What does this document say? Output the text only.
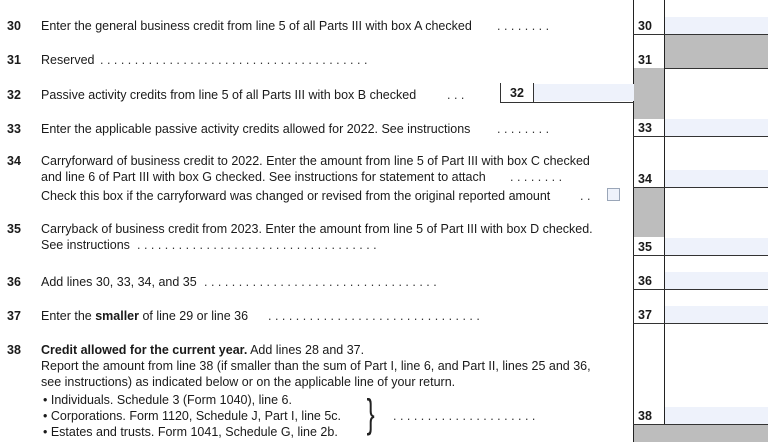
30
31
33
34
35
36
37
38
30 Enter the general business credit from line 5 of all Parts III with box A checked . . . . . . . .
31 Reserved . . . . . . . . . . . . . . . . . . . . . . . . . . . . . . . . . . . . . . .
32 Passive activity credits from line 5 of all Parts III with box B checked . . .	32
33 Enter the applicable passive activity credits allowed for 2022. See instructions . . . . . . . .
34 Carryforward of business credit to 2022. Enter the amount from line 5 of Part III with box C checked
and line 6 of Part III with box G checked. See instructions for statement to attach . . . . . . . .
Check this box if the carryforward was changed or revised from the original reported amount . .
35 Carryback of business credit from 2023. Enter the amount from line 5 of Part III with box D checked.
See instructions . . . . . . . . . . . . . . . . . . . . . . . . . . . . . . . . . . .
36 Add lines 30, 33, 34, and 35 . . . . . . . . . . . . . . . . . . . . . . . . . . . . . . . . . .
37 Enter the smaller of line 29 or line 36 . . . . . . . . . . . . . . . . . . . . . . . . . . . . . . .
38 Credit allowed for the current year. Add lines 28 and 37.
Report the amount from line 38 (if smaller than the sum of Part I, line 6, and Part II, lines 25 and 36,
see instructions) as indicated below or on the applicable line of your return.
• Individuals. Schedule 3 (Form 1040), line 6.
• Corporations. Form 1120, Schedule J, Part I, line 5c.
• Estates and trusts. Form 1041, Schedule G, line 2b. } . . . . . . . . . . . . . . . . . . . . .
